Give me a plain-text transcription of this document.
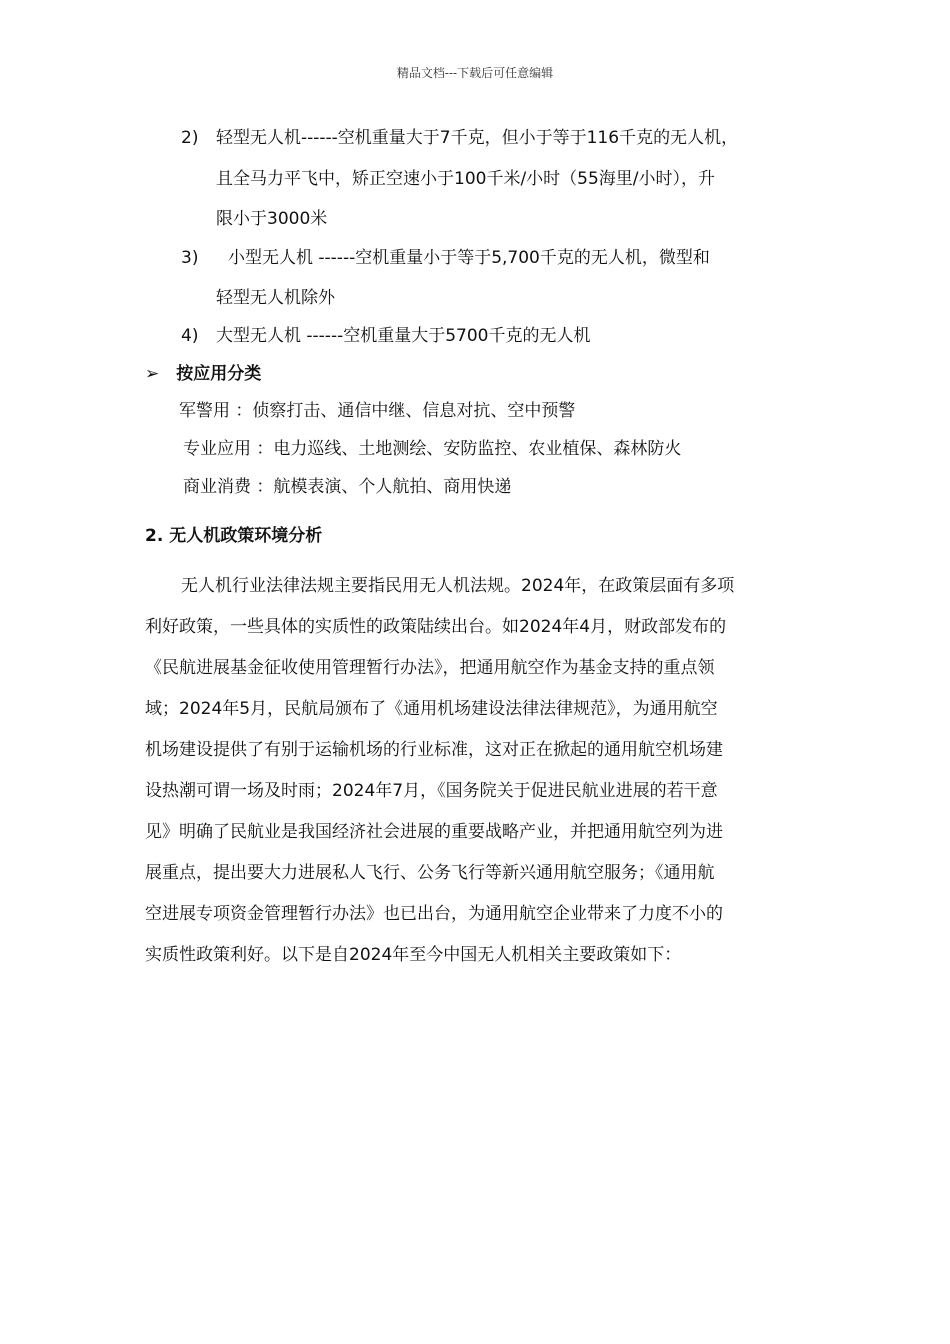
精品文档---下载后可任意编辑
2) 轻型无人机------空机重量大于7千克，但小于等于116千克的无人机，
且全马力平飞中，矫正空速小于100千米/小时（55海里/小时），升
限小于3000米
3) 小型无人机 ------空机重量小于等于5,700千克的无人机，微型和
轻型无人机除外
4) 大型无人机 ------空机重量大于5700千克的无人机
➢ 按应用分类
军警用 ：侦察打击、通信中继、信息对抗、空中预警
专业应用 ：电力巡线、土地测绘、安防监控、农业植保、森林防火
商业消费 ：航模表演、个人航拍、商用快递
2. 无人机政策环境分析
无人机行业法律法规主要指民用无人机法规。2024年，在政策层面有多项
利好政策，一些具体的实质性的政策陆续出台。如2024年4月，财政部发布的
《民航进展基金征收使用管理暂行办法》，把通用航空作为基金支持的重点领
域；2024年5月，民航局颁布了《通用机场建设法律法律规范》，为通用航空
机场建设提供了有别于运输机场的行业标准，这对正在掀起的通用航空机场建
设热潮可谓一场及时雨；2024年7月，《国务院关于促进民航业进展的若干意
见》明确了民航业是我国经济社会进展的重要战略产业，并把通用航空列为进
展重点，提出要大力进展私人飞行、公务飞行等新兴通用航空服务；《通用航
空进展专项资金管理暂行办法》也已出台，为通用航空企业带来了力度不小的
实质性政策利好。以下是自2024年至今中国无人机相关主要政策如下：
